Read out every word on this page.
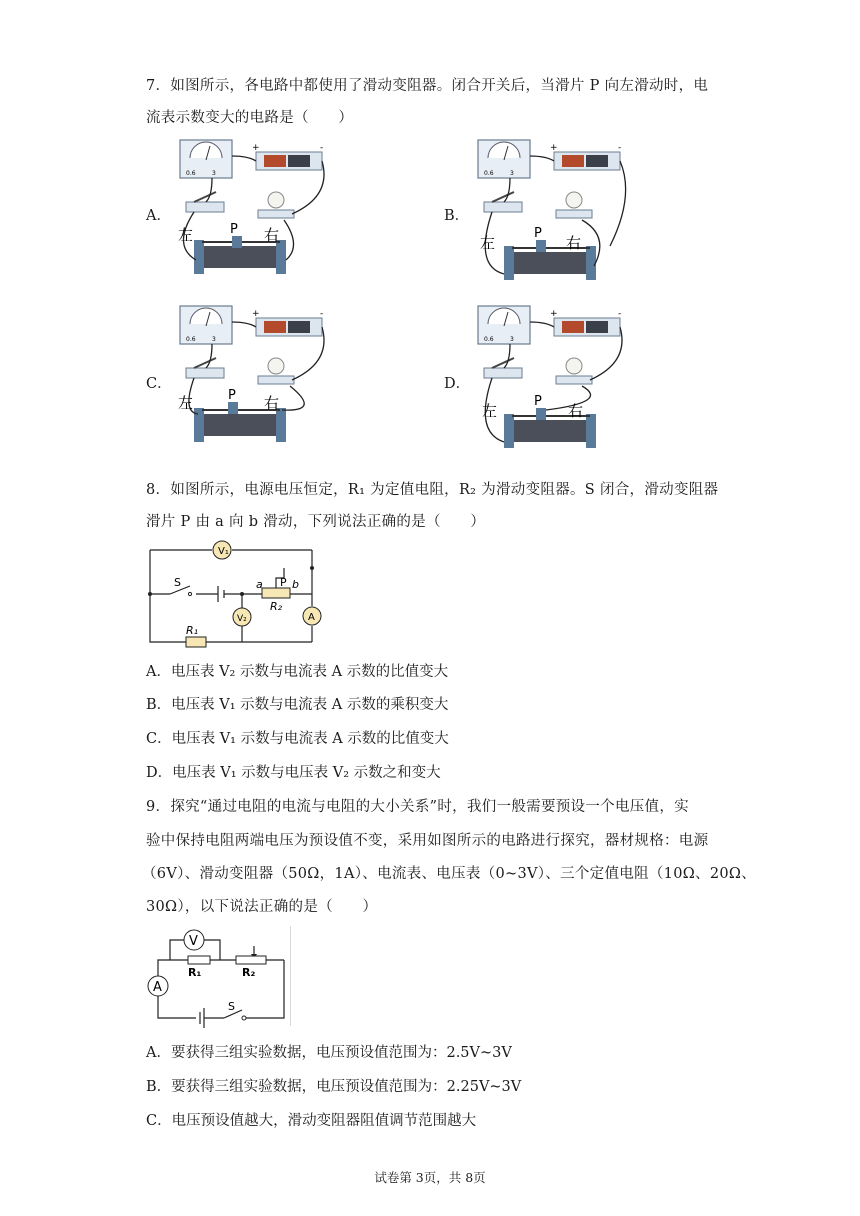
7．如图所示，各电路中都使用了滑动变阻器。闭合开关后，当滑片 P 向左滑动时，电
流表示数变大的电路是（　　）
A．
0.6	3
+	-
左	P 右
B．
0.6	3
+	-
左
P
右
C．
0.6	3
+	-
左	P 右
D．
0.6	3
+	-
左
P
右
8．如图所示，电源电压恒定，R₁ 为定值电阻，R₂ 为滑动变阻器。S 闭合，滑动变阻器
滑片 P 由 a 向 b 滑动，下列说法正确的是（　　）
V₁
V₂	A
S
R₁
R₂
a P b
A．电压表 V₂ 示数与电流表 A 示数的比值变大
B．电压表 V₁ 示数与电流表 A 示数的乘积变大
C．电压表 V₁ 示数与电流表 A 示数的比值变大
D．电压表 V₁ 示数与电压表 V₂ 示数之和变大
9．探究“通过电阻的电流与电阻的大小关系”时，我们一般需要预设一个电压值，实
验中保持电阻两端电压为预设值不变，采用如图所示的电路进行探究，器材规格：电源
（6V）、滑动变阻器（50Ω，1A）、电流表、电压表（0~3V）、三个定值电阻（10Ω、20Ω、
30Ω），以下说法正确的是（　　）
V
A
R₁	R₂
S
A．要获得三组实验数据，电压预设值范围为：2.5V~3V
B．要获得三组实验数据，电压预设值范围为：2.25V~3V
C．电压预设值越大，滑动变阻器阻值调节范围越大
试卷第 3页，共 8页
